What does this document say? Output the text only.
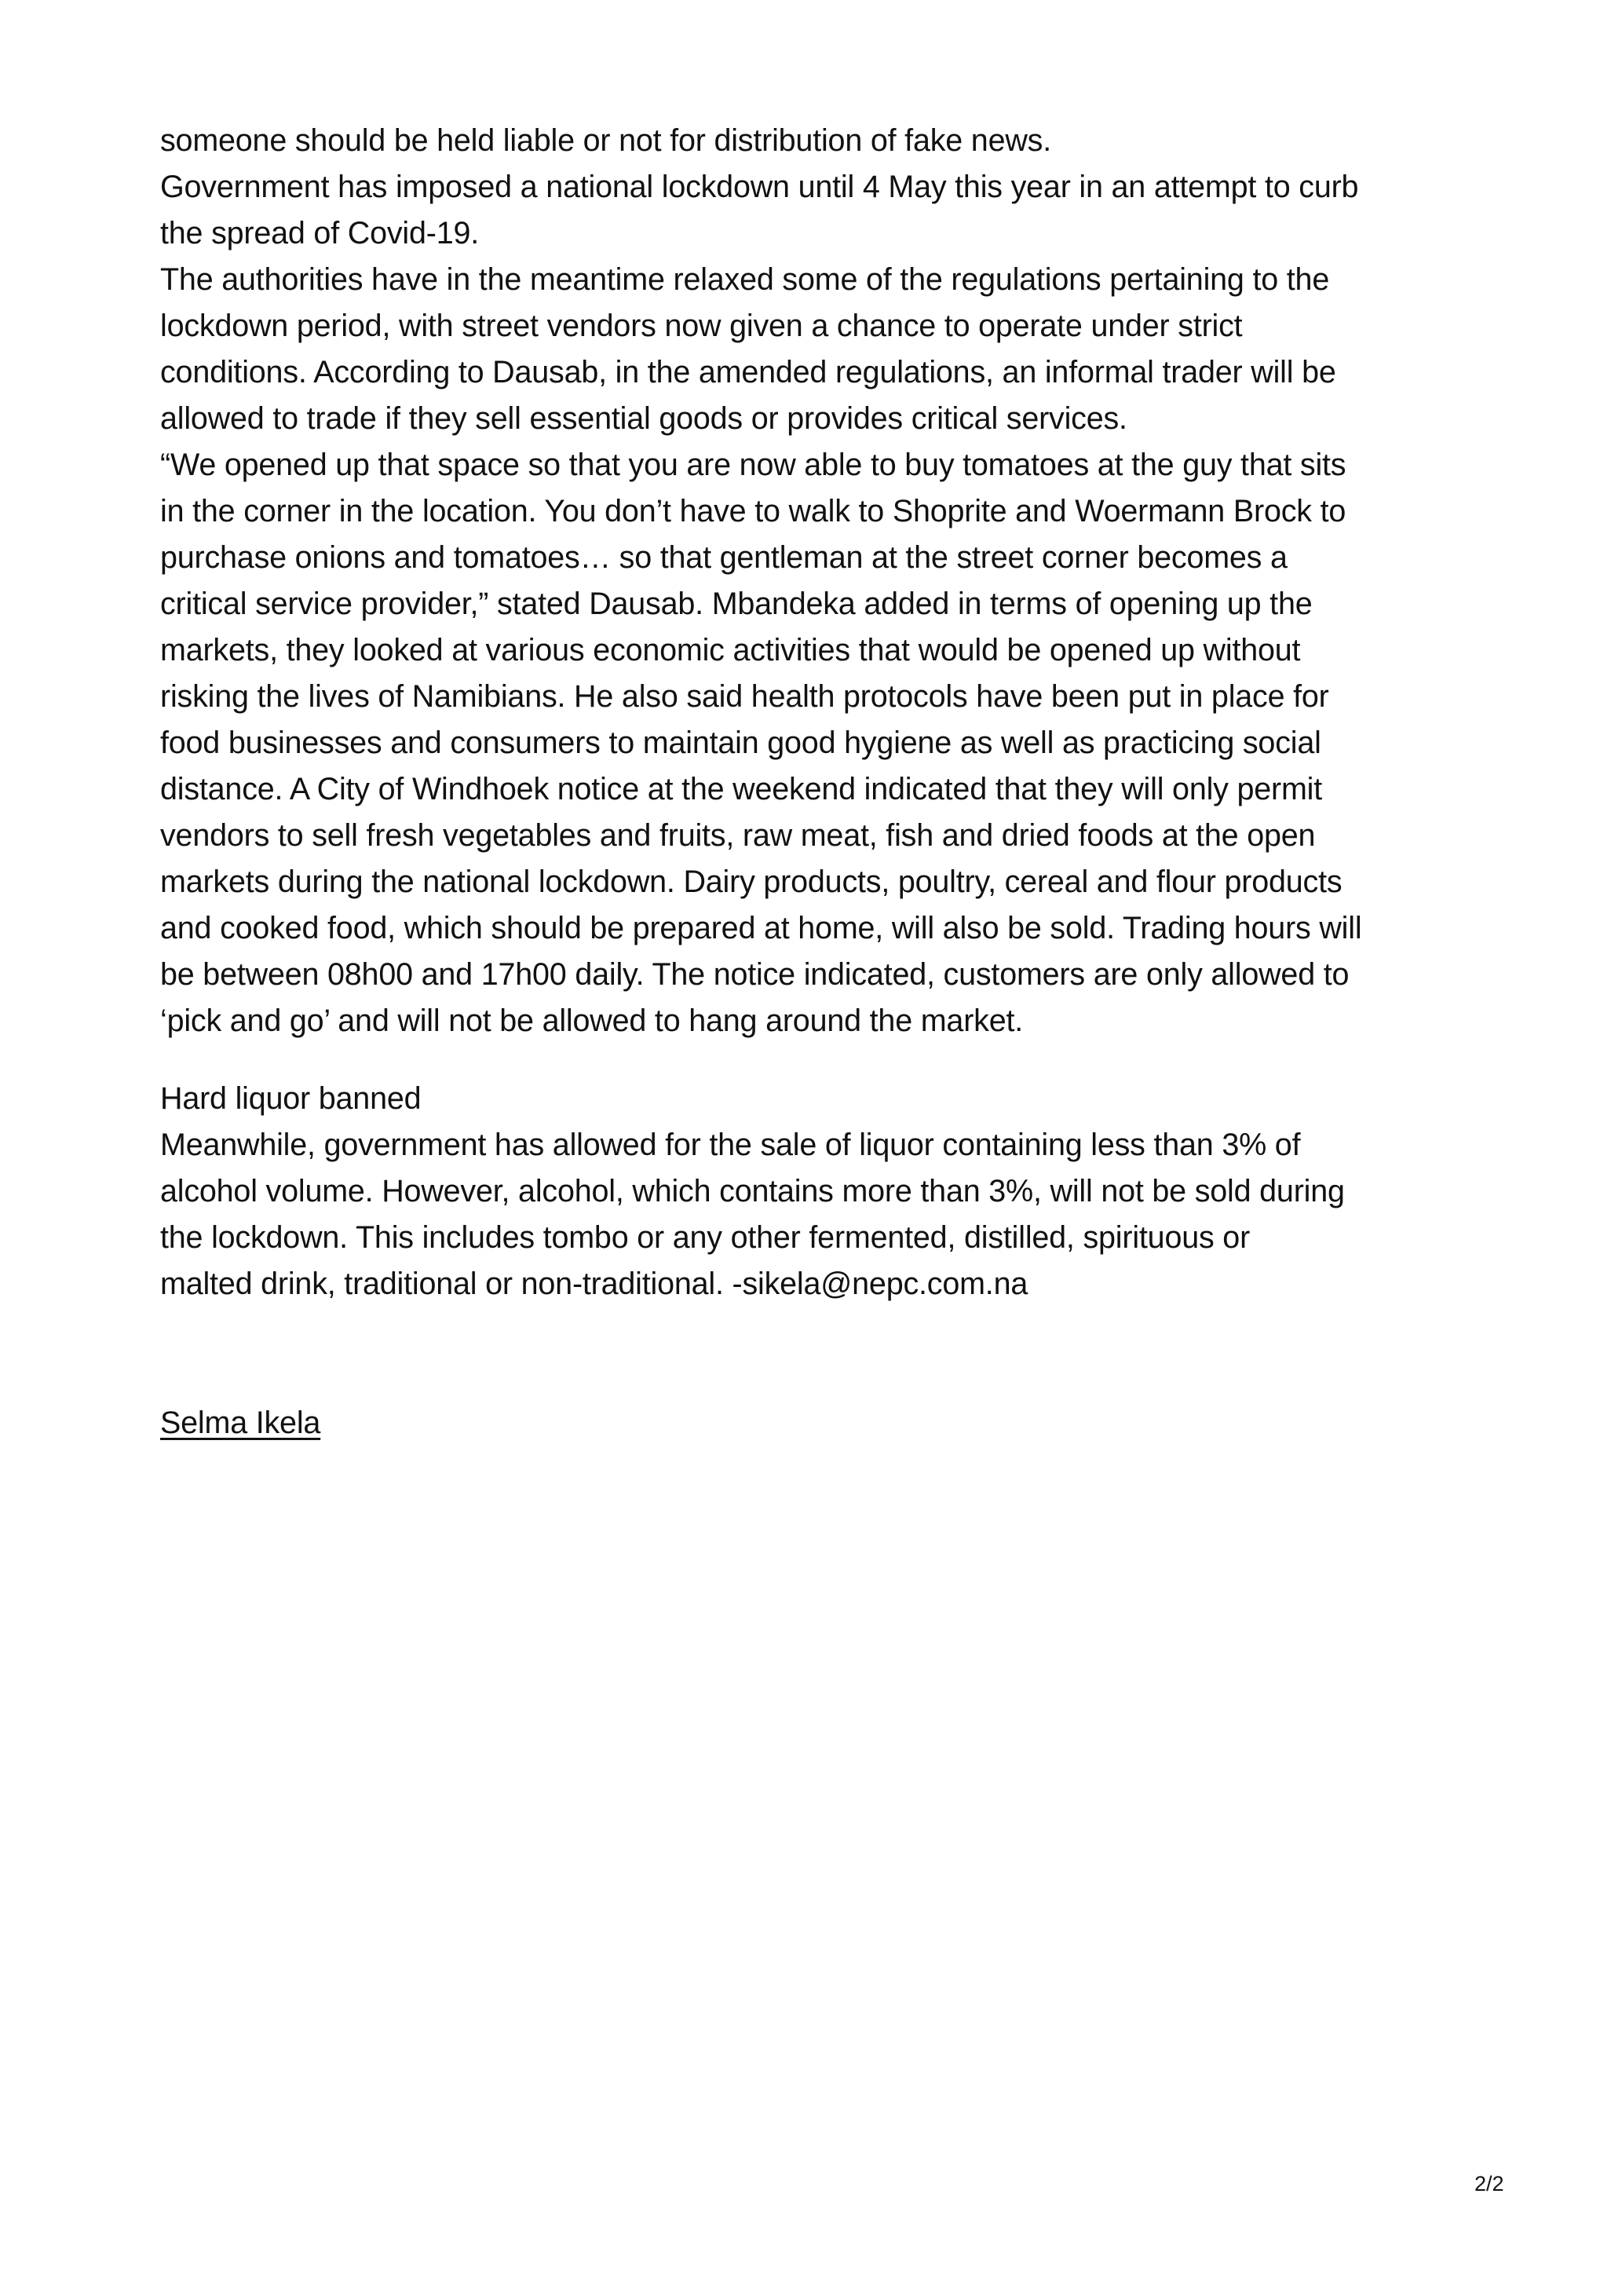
someone should be held liable or not for distribution of fake news.
Government has imposed a national lockdown until 4 May this year in an attempt to curb
the spread of Covid-19.
The authorities have in the meantime relaxed some of the regulations pertaining to the
lockdown period, with street vendors now given a chance to operate under strict
conditions. According to Dausab, in the amended regulations, an informal trader will be
allowed to trade if they sell essential goods or provides critical services.
“We opened up that space so that you are now able to buy tomatoes at the guy that sits
in the corner in the location. You don’t have to walk to Shoprite and Woermann Brock to
purchase onions and tomatoes… so that gentleman at the street corner becomes a
critical service provider,” stated Dausab. Mbandeka added in terms of opening up the
markets, they looked at various economic activities that would be opened up without
risking the lives of Namibians. He also said health protocols have been put in place for
food businesses and consumers to maintain good hygiene as well as practicing social
distance. A City of Windhoek notice at the weekend indicated that they will only permit
vendors to sell fresh vegetables and fruits, raw meat, fish and dried foods at the open
markets during the national lockdown. Dairy products, poultry, cereal and flour products
and cooked food, which should be prepared at home, will also be sold. Trading hours will
be between 08h00 and 17h00 daily. The notice indicated, customers are only allowed to
‘pick and go’ and will not be allowed to hang around the market.
Hard liquor banned
Meanwhile, government has allowed for the sale of liquor containing less than 3% of
alcohol volume. However, alcohol, which contains more than 3%, will not be sold during
the lockdown. This includes tombo or any other fermented, distilled, spirituous or
malted drink, traditional or non-traditional. -sikela@nepc.com.na
Selma Ikela
2/2
